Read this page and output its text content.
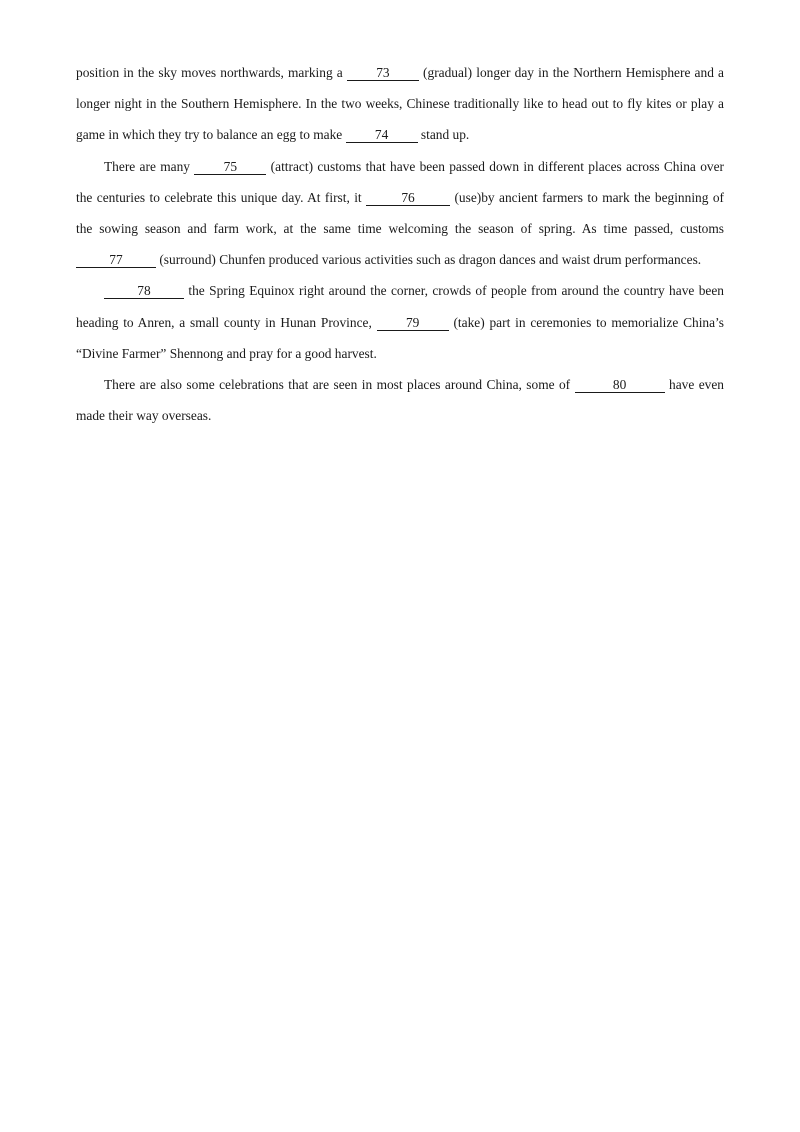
position in the sky moves northwards, marking a 73 (gradual) longer day in the Northern Hemisphere and a longer night in the Southern Hemisphere. In the two weeks, Chinese traditionally like to head out to fly kites or play a game in which they try to balance an egg to make 74 stand up.

There are many 75 (attract) customs that have been passed down in different places across China over the centuries to celebrate this unique day. At first, it	76	(use)by ancient farmers to mark the beginning of the sowing season and farm work, at the same time welcoming the season of spring. As time passed, customs 77 (surround) Chunfen produced various activities such as dragon dances and waist drum performances.

78 the Spring Equinox right around the corner, crowds of people from around the country have been heading to Anren, a small county in Hunan Province, 79 (take) part in ceremonies to memorialize China’s “Divine Farmer” Shennong and pray for a good harvest.

There are also some celebrations that are seen in most places around China, some of	80	have even made their way overseas.
